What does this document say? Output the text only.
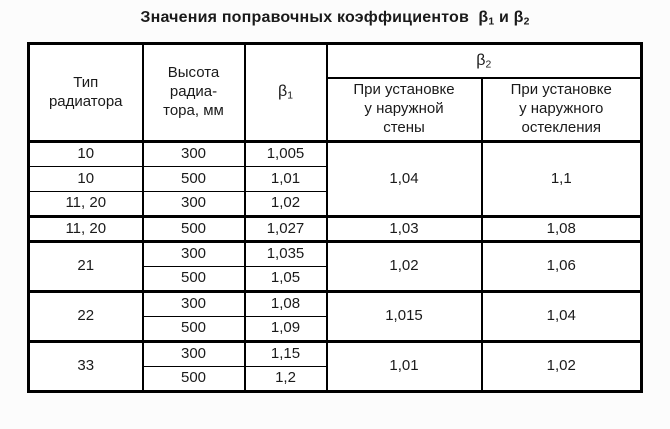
Значения поправочных коэффициентов $\beta_1$ и $\beta_2$
Тип
радиатора

Высота
радиа-
тора, мм
	$\beta_1$	$\beta_2$

При установке
у наружной
стены

При установке
у наружного
остекления

10	300	1,005	1,04	1,1
10	500	1,01		
11, 20	300	1,02		
11, 20	500	1,027	1,03	1,08
21	300	1,035	1,02	1,06
	500	1,05		
22	300	1,08	1,015	1,04
	500	1,09		
33	300	1,15	1,01	1,02
	500	1,2		
